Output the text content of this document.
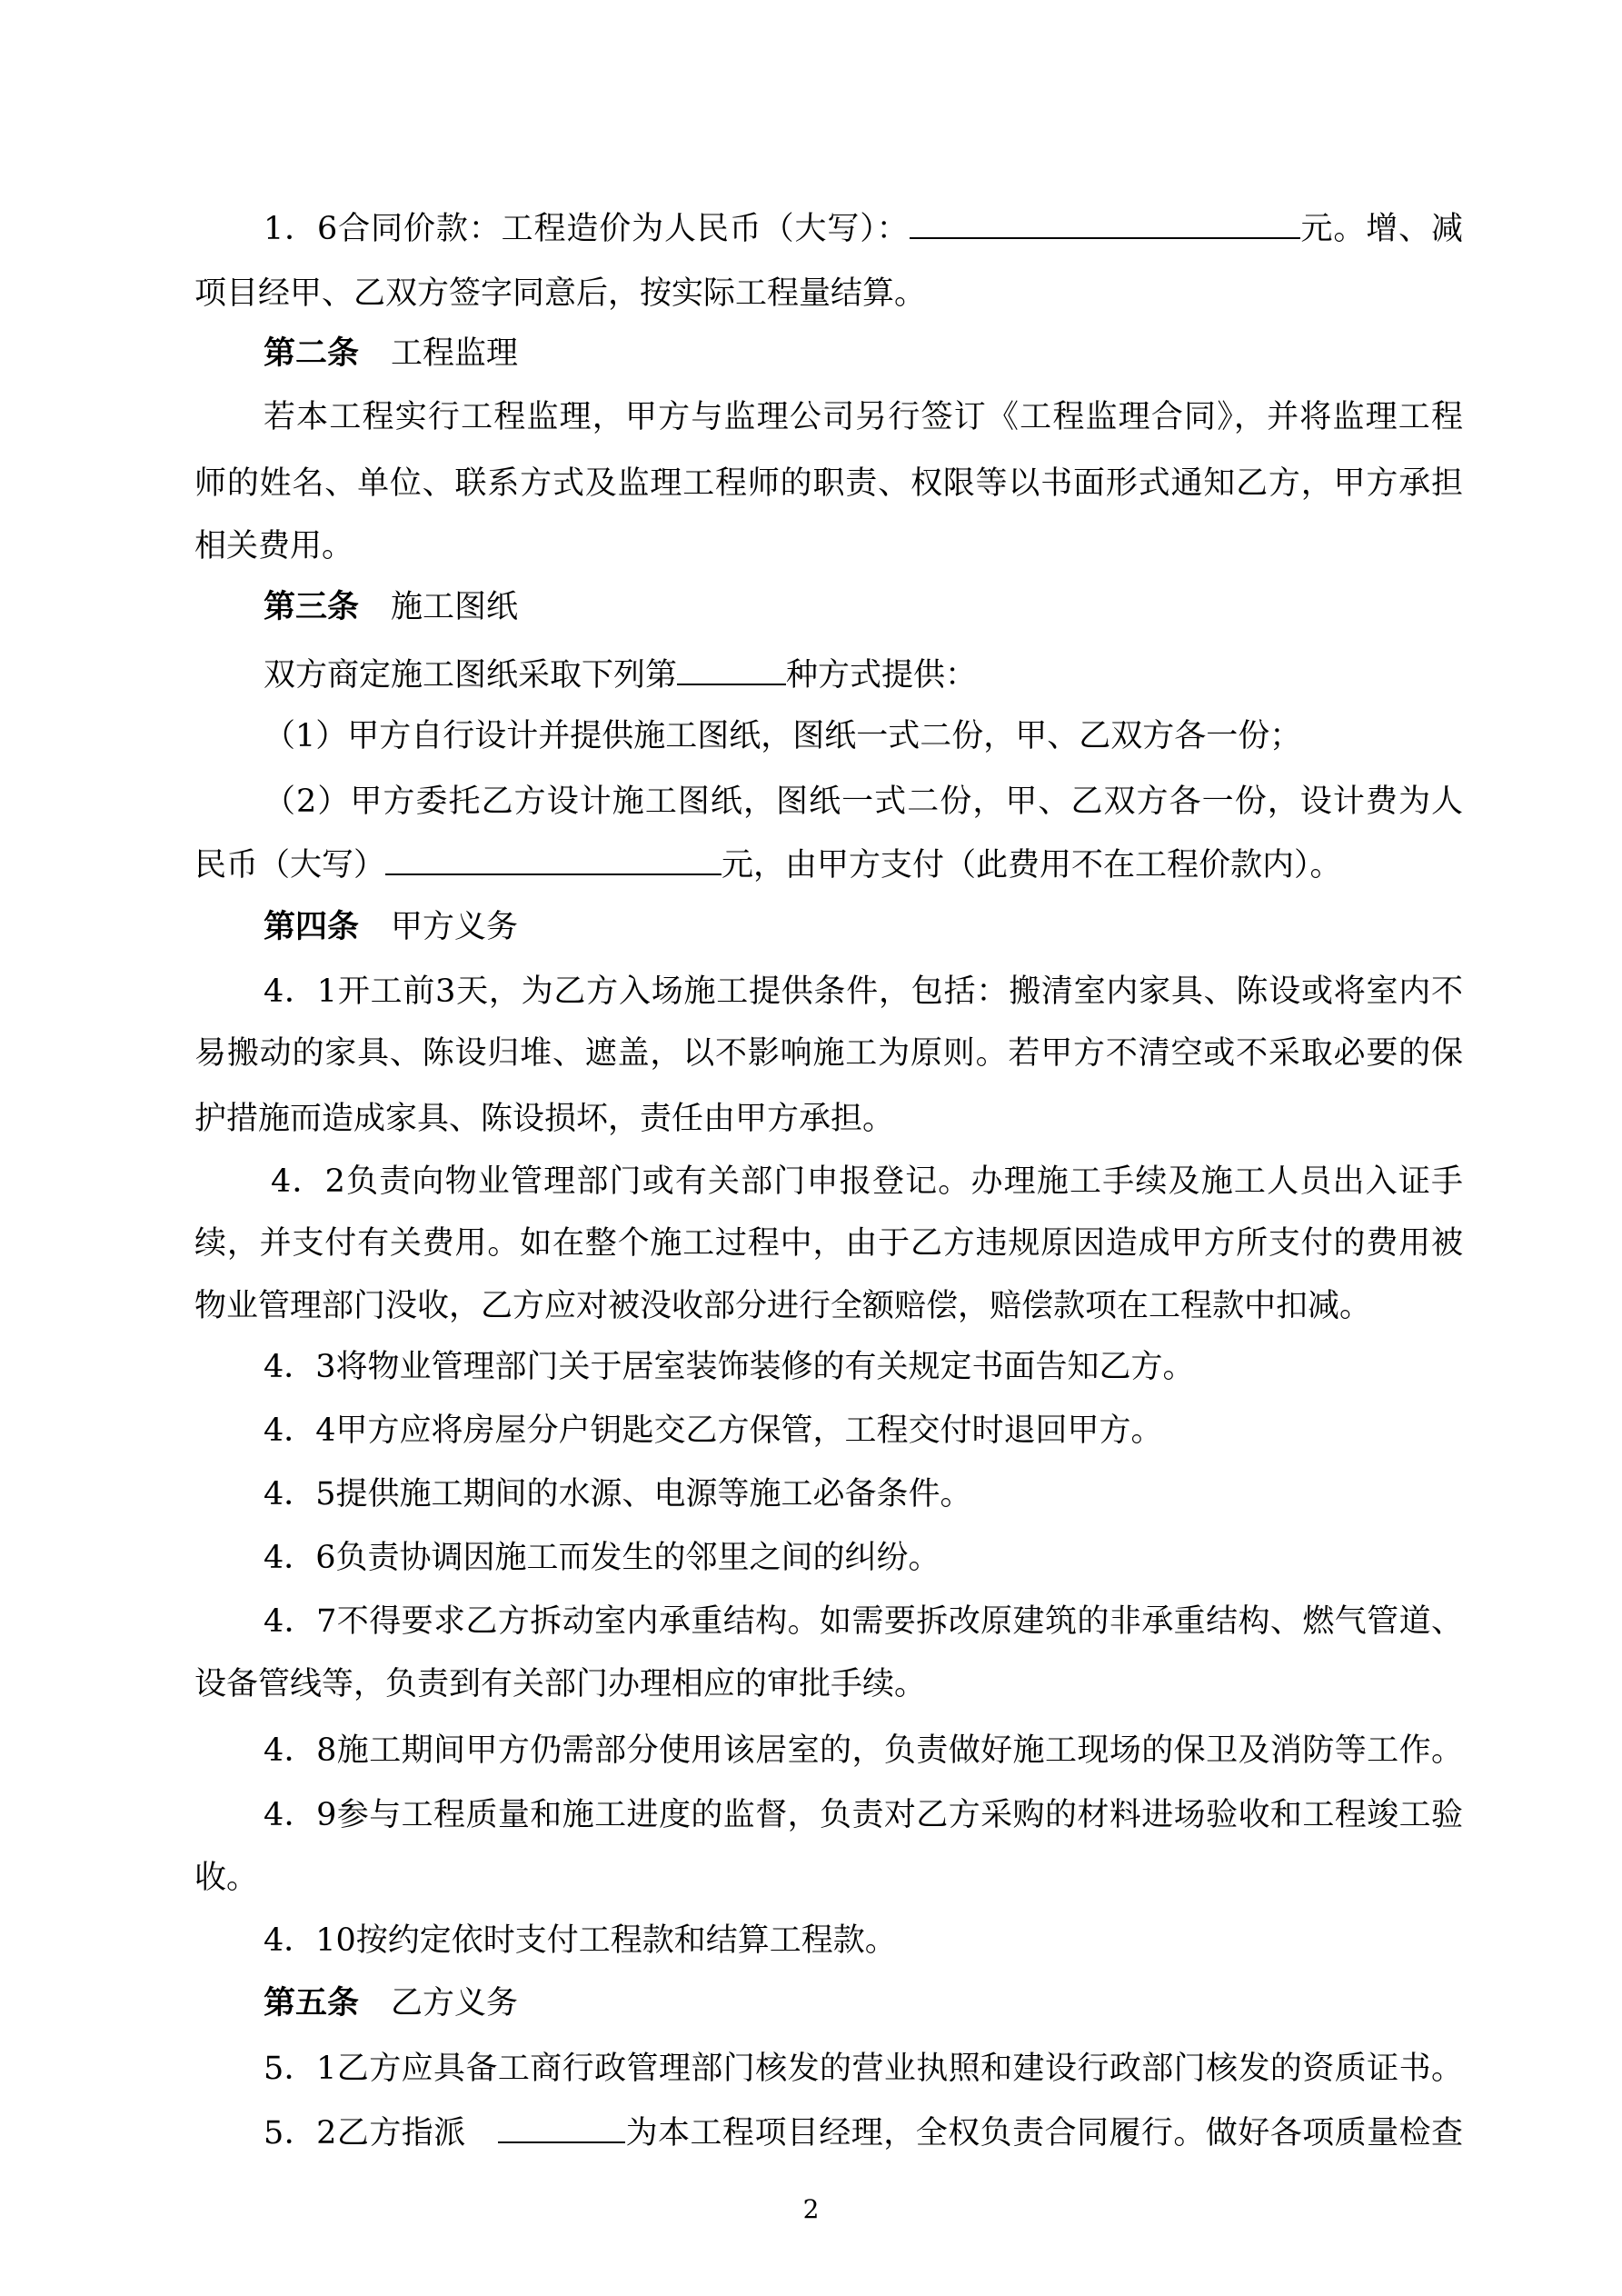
1．6合同价款：工程造价为人民币（大写）：	元。增、减
项目经甲、乙双方签字同意后，按实际工程量结算。
第二条　工程监理
若本工程实行工程监理，甲方与监理公司另行签订《工程监理合同》，并将监理工程
师的姓名、单位、联系方式及监理工程师的职责、权限等以书面形式通知乙方，甲方承担
相关费用。
第三条　施工图纸
双方商定施工图纸采取下列第	种方式提供：
（1）甲方自行设计并提供施工图纸，图纸一式二份，甲、乙双方各一份；
（2）甲方委托乙方设计施工图纸，图纸一式二份，甲、乙双方各一份，设计费为人
民币（大写）	元，由甲方支付（此费用不在工程价款内）。
第四条　甲方义务
4．1开工前3天，为乙方入场施工提供条件，包括：搬清室内家具、陈设或将室内不
易搬动的家具、陈设归堆、遮盖，以不影响施工为原则。若甲方不清空或不采取必要的保
护措施而造成家具、陈设损坏，责任由甲方承担。
4．2负责向物业管理部门或有关部门申报登记。办理施工手续及施工人员出入证手
续，并支付有关费用。如在整个施工过程中，由于乙方违规原因造成甲方所支付的费用被
物业管理部门没收，乙方应对被没收部分进行全额赔偿，赔偿款项在工程款中扣减。
4．3将物业管理部门关于居室装饰装修的有关规定书面告知乙方。
4．4甲方应将房屋分户钥匙交乙方保管，工程交付时退回甲方。
4．5提供施工期间的水源、电源等施工必备条件。
4．6负责协调因施工而发生的邻里之间的纠纷。
4．7不得要求乙方拆动室内承重结构。如需要拆改原建筑的非承重结构、燃气管道、
设备管线等，负责到有关部门办理相应的审批手续。
4．8施工期间甲方仍需部分使用该居室的，负责做好施工现场的保卫及消防等工作。
4．9参与工程质量和施工进度的监督，负责对乙方采购的材料进场验收和工程竣工验
收。
4．10按约定依时支付工程款和结算工程款。
第五条　乙方义务
5．1乙方应具备工商行政管理部门核发的营业执照和建设行政部门核发的资质证书。
5．2乙方指派　	为本工程项目经理，全权负责合同履行。做好各项质量检查
2
